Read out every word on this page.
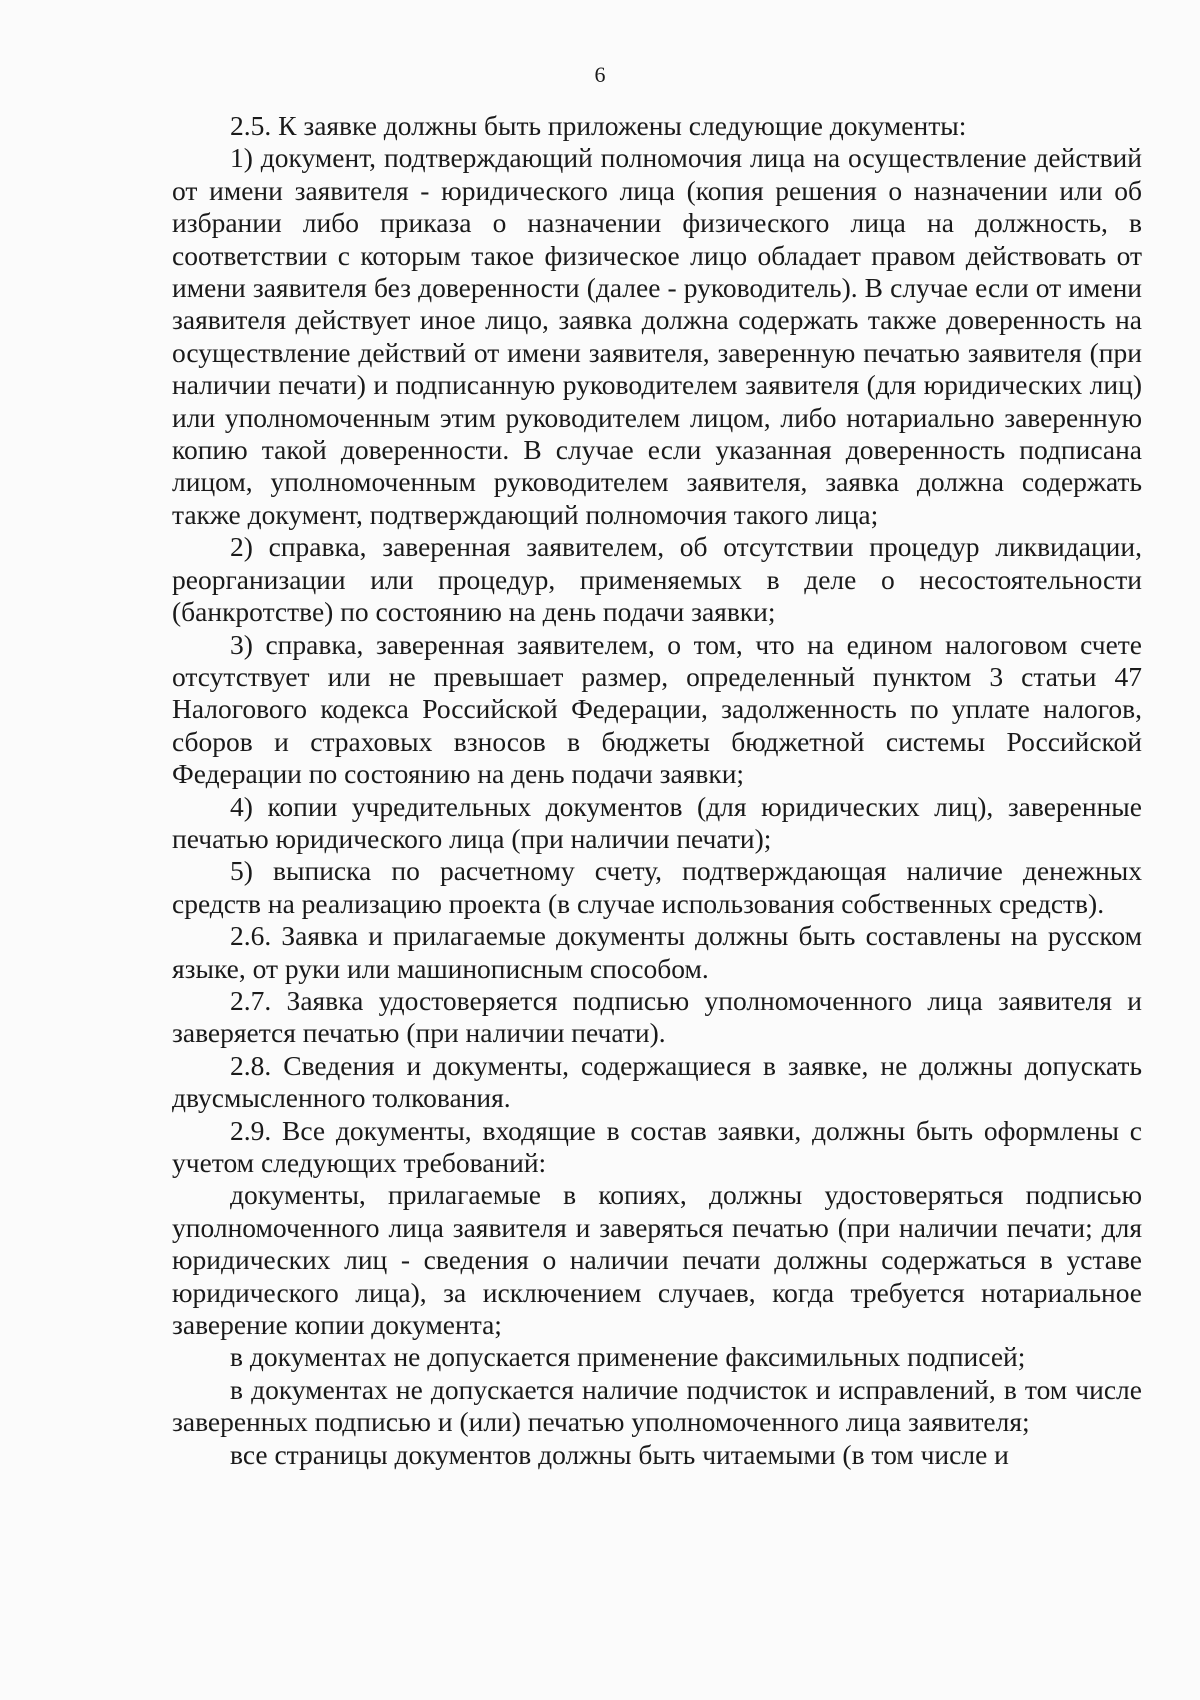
6

2.5. К заявке должны быть приложены следующие документы:

1) документ, подтверждающий полномочия лица на осуществление действий от имени заявителя - юридического лица (копия решения о назначении или об избрании либо приказа о назначении физического лица на должность, в соответствии с которым такое физическое лицо обладает правом действовать от имени заявителя без доверенности (далее - руководитель). В случае если от имени заявителя действует иное лицо, заявка должна содержать также доверенность на осуществление действий от имени заявителя, заверенную печатью заявителя (при наличии печати) и подписанную руководителем заявителя (для юридических лиц) или уполномоченным этим руководителем лицом, либо нотариально заверенную копию такой доверенности. В случае если указанная доверенность подписана лицом, уполномоченным руководителем заявителя, заявка должна содержать также документ, подтверждающий полномочия такого лица;

2) справка, заверенная заявителем, об отсутствии процедур ликвидации, реорганизации или процедур, применяемых в деле о несостоятельности (банкротстве) по состоянию на день подачи заявки;

3) справка, заверенная заявителем, о том, что на едином налоговом счете отсутствует или не превышает размер, определенный пунктом 3 статьи 47 Налогового кодекса Российской Федерации, задолженность по уплате налогов, сборов и страховых взносов в бюджеты бюджетной системы Российской Федерации по состоянию на день подачи заявки;

4) копии учредительных документов (для юридических лиц), заверенные печатью юридического лица (при наличии печати);

5) выписка по расчетному счету, подтверждающая наличие денежных средств на реализацию проекта (в случае использования собственных средств).

2.6. Заявка и прилагаемые документы должны быть составлены на русском языке, от руки или машинописным способом.

2.7. Заявка удостоверяется подписью уполномоченного лица заявителя и заверяется печатью (при наличии печати).

2.8. Сведения и документы, содержащиеся в заявке, не должны допускать двусмысленного толкования.

2.9. Все документы, входящие в состав заявки, должны быть оформлены с учетом следующих требований:

документы, прилагаемые в копиях, должны удостоверяться подписью уполномоченного лица заявителя и заверяться печатью (при наличии печати; для юридических лиц - сведения о наличии печати должны содержаться в уставе юридического лица), за исключением случаев, когда требуется нотариальное заверение копии документа;

в документах не допускается применение факсимильных подписей;

в документах не допускается наличие подчисток и исправлений, в том числе заверенных подписью и (или) печатью уполномоченного лица заявителя;

все страницы документов должны быть читаемыми (в том числе и
